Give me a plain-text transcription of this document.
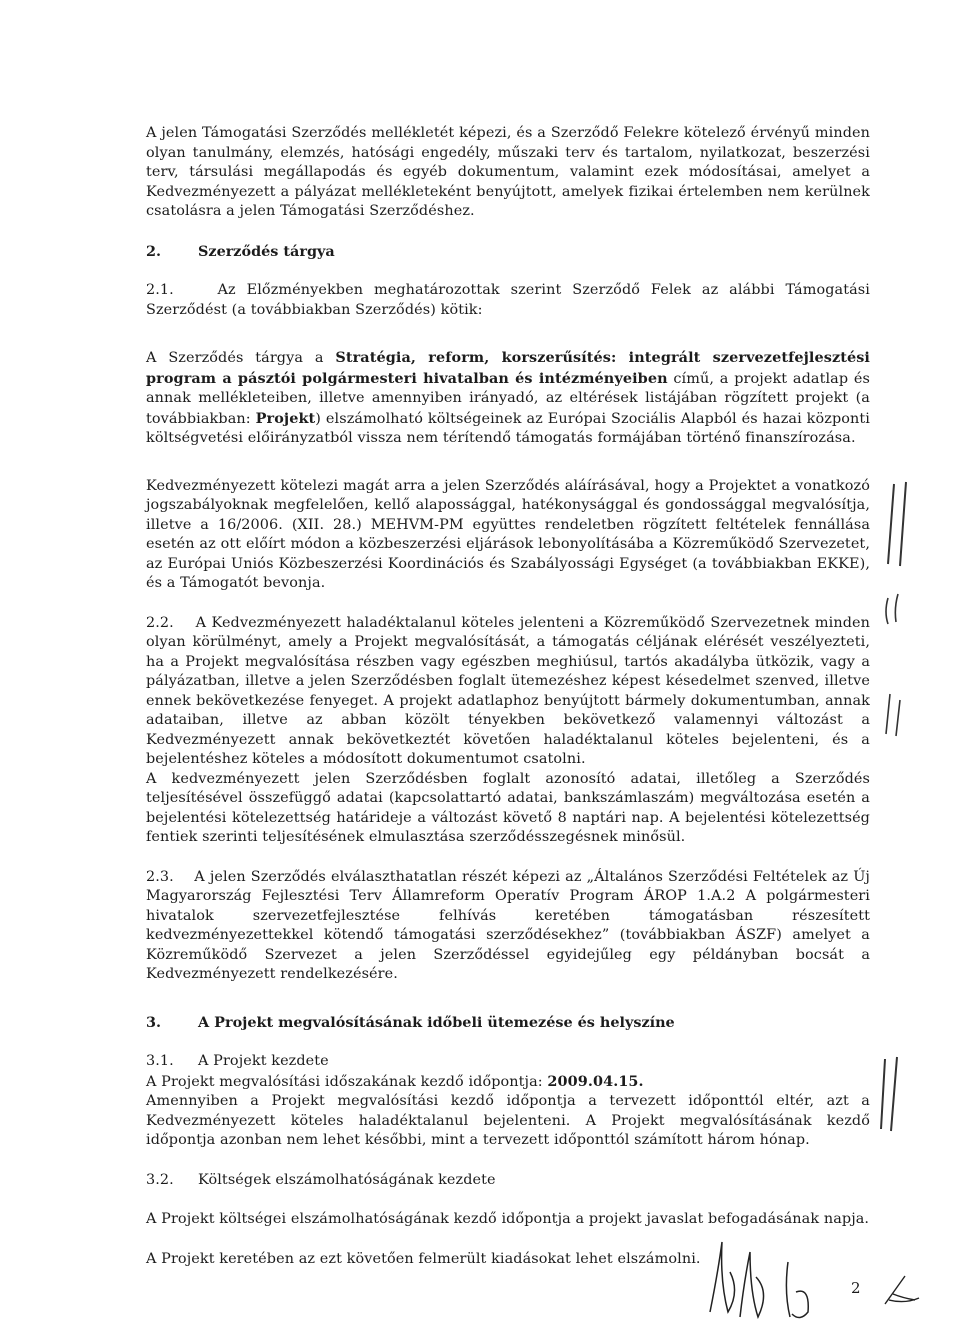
A jelen Támogatási Szerződés mellékletét képezi, és a Szerződő Felekre kötelező érvényű minden olyan tanulmány, elemzés, hatósági engedély, műszaki terv és tartalom, nyilatkozat, beszerzési terv, társulási megállapodás és egyéb dokumentum, valamint ezek módosításai, amelyet a Kedvezményezett a pályázat mellékleteként benyújtott, amelyek fizikai értelemben nem kerülnek csatolásra a jelen Támogatási Szerződéshez.

2.	Szerződés tárgya

2.1.	Az Előzményekben meghatározottak szerint Szerződő Felek az alábbi Támogatási Szerződést (a továbbiakban Szerződés) kötik:

A Szerződés tárgya a Stratégia, reform, korszerűsítés: integrált szervezetfejlesztési program a pásztói polgármesteri hivatalban és intézményeiben című, a projekt adatlap és annak mellékleteiben, illetve amennyiben irányadó, az eltérések listájában rögzített projekt (a továbbiakban: Projekt) elszámolható költségeinek az Európai Szociális Alapból és hazai központi költségvetési előirányzatból vissza nem térítendő támogatás formájában történő finanszírozása.

Kedvezményezett kötelezi magát arra a jelen Szerződés aláírásával, hogy a Projektet a vonatkozó jogszabályoknak megfelelően, kellő alapossággal, hatékonysággal és gondossággal megvalósítja, illetve a 16/2006. (XII. 28.) MEHVM-PM együttes rendeletben rögzített feltételek fennállása esetén az ott előírt módon a közbeszerzési eljárások lebonyolításába a Közreműködő Szervezetet, az Európai Uniós Közbeszerzési Koordinációs és Szabályossági Egységet (a továbbiakban EKKE), és a Támogatót bevonja.

2.2. A Kedvezményezett haladéktalanul köteles jelenteni a Közreműködő Szervezetnek minden olyan körülményt, amely a Projekt megvalósítását, a támogatás céljának elérését veszélyezteti, ha a Projekt megvalósítása részben vagy egészben meghiúsul, tartós akadályba ütközik, vagy a pályázatban, illetve a jelen Szerződésben foglalt ütemezéshez képest késedelmet szenved, illetve ennek bekövetkezése fenyeget. A projekt adatlaphoz benyújtott bármely dokumentumban, annak adataiban, illetve az abban közölt tényekben bekövetkező valamennyi változást a Kedvezményezett annak bekövetkeztét követően haladéktalanul köteles bejelenteni, és a bejelentéshez köteles a módosított dokumentumot csatolni.

A kedvezményezett jelen Szerződésben foglalt azonosító adatai, illetőleg a Szerződés teljesítésével összefüggő adatai (kapcsolattartó adatai, bankszámlaszám) megváltozása esetén a bejelentési kötelezettség határideje a változást követő 8 naptári nap. A bejelentési kötelezettség fentiek szerinti teljesítésének elmulasztása szerződésszegésnek minősül.

2.3. A jelen Szerződés elválaszthatatlan részét képezi az „Általános Szerződési Feltételek az Új Magyarország Fejlesztési Terv Államreform Operatív Program ÁROP 1.A.2 A polgármesteri hivatalok szervezetfejlesztése felhívás keretében támogatásban részesített kedvezményezettekkel kötendő támogatási szerződésekhez” (továbbiakban ÁSZF) amelyet a Közreműködő Szervezet a jelen Szerződéssel egyidejűleg egy példányban bocsát a Kedvezményezett rendelkezésére.

3.	A Projekt megvalósításának időbeli ütemezése és helyszíne

3.1. A Projekt kezdete

A Projekt megvalósítási időszakának kezdő időpontja: 2009.04.15.

Amennyiben a Projekt megvalósítási kezdő időpontja a tervezett időponttól eltér, azt a Kedvezményezett köteles haladéktalanul bejelenteni. A Projekt megvalósításának kezdő időpontja azonban nem lehet későbbi, mint a tervezett időponttól számított három hónap.

3.2. Költségek elszámolhatóságának kezdete

A Projekt költségei elszámolhatóságának kezdő időpontja a projekt javaslat befogadásának napja.

A Projekt keretében az ezt követően felmerült kiadásokat lehet elszámolni.

2
